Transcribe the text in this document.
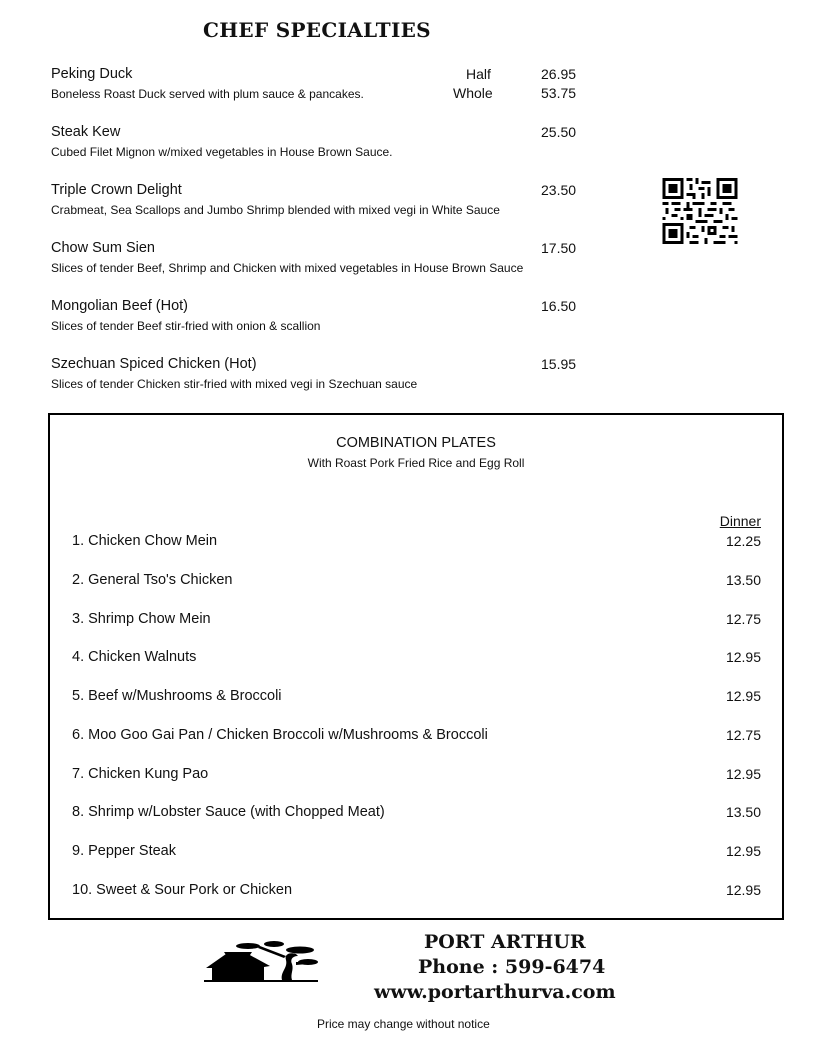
CHEF SPECIALTIES
Peking Duck
Boneless Roast Duck served with plum sauce & pancakes.
Half	26.95
Whole	53.75
Steak Kew
Cubed Filet Mignon w/mixed vegetables in House Brown Sauce.
25.50
Triple Crown Delight
Crabmeat, Sea Scallops and Jumbo Shrimp blended with mixed vegi in White Sauce
23.50
Chow Sum Sien
Slices of tender Beef, Shrimp and Chicken with mixed vegetables in House Brown Sauce
17.50
Mongolian Beef (Hot)
Slices of tender Beef stir-fried with onion & scallion
16.50
Szechuan Spiced Chicken (Hot)
Slices of tender Chicken stir-fried with mixed vegi in Szechuan sauce
15.95
COMBINATION PLATES
With Roast Pork Fried Rice and Egg Roll
Dinner
1. Chicken Chow Mein	12.25
2. General Tso's Chicken	13.50
3. Shrimp Chow Mein	12.75
4. Chicken Walnuts	12.95
5. Beef w/Mushrooms & Broccoli	12.95
6. Moo Goo Gai Pan / Chicken Broccoli w/Mushrooms & Broccoli	12.75
7. Chicken Kung Pao	12.95
8. Shrimp w/Lobster Sauce (with Chopped Meat)	13.50
9. Pepper Steak	12.95
10. Sweet & Sour Pork or Chicken	12.95
PORT ARTHUR
Phone : 599-6474
www.portarthurva.com
Price may change without notice
